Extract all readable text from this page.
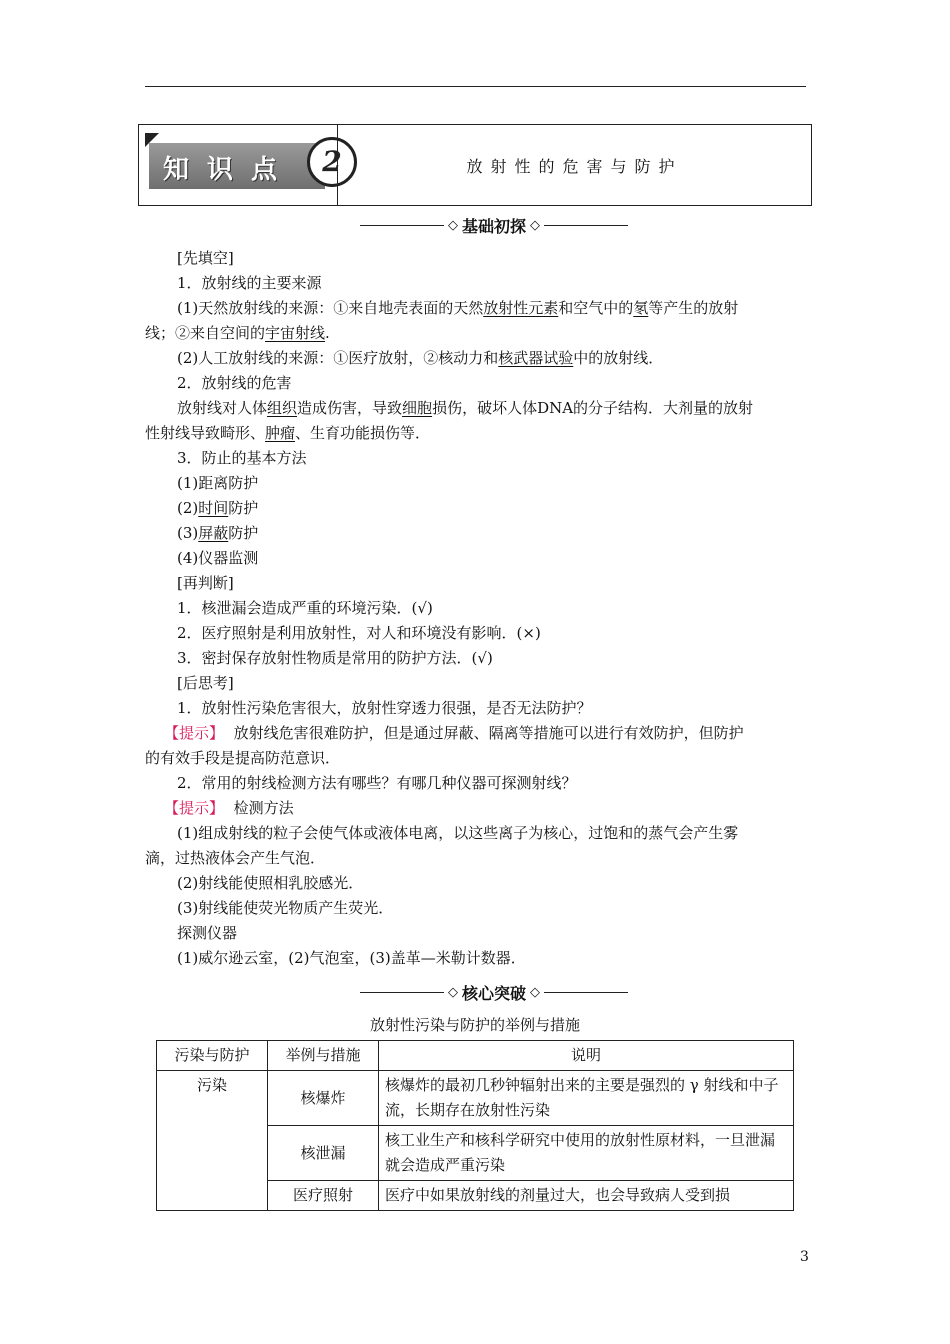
知识点 2	放射性的危害与防护
◇ 基础初探 ◇
[先填空]
1．放射线的主要来源
(1)天然放射线的来源：①来自地壳表面的天然放射性元素和空气中的氡等产生的放射
线；②来自空间的宇宙射线.
(2)人工放射线的来源：①医疗放射，②核动力和核武器试验中的放射线．
2．放射线的危害
放射线对人体组织造成伤害，导致细胞损伤，破坏人体DNA的分子结构．大剂量的放射
性射线导致畸形、肿瘤、生育功能损伤等．
3．防止的基本方法
(1)距离防护
(2)时间防护
(3)屏蔽防护
(4)仪器监测
[再判断]
1．核泄漏会造成严重的环境污染．(√)
2．医疗照射是利用放射性，对人和环境没有影响．(×)
3．密封保存放射性物质是常用的防护方法．(√)
[后思考]
1．放射性污染危害很大，放射性穿透力很强，是否无法防护？
【提示】 放射线危害很难防护，但是通过屏蔽、隔离等措施可以进行有效防护，但防护
的有效手段是提高防范意识．
2．常用的射线检测方法有哪些？有哪几种仪器可探测射线？
【提示】 检测方法
(1)组成射线的粒子会使气体或液体电离，以这些离子为核心，过饱和的蒸气会产生雾
滴，过热液体会产生气泡．
(2)射线能使照相乳胶感光．
(3)射线能使荧光物质产生荧光．
探测仪器
(1)威尔逊云室，(2)气泡室，(3)盖革—米勒计数器．
◇ 核心突破 ◇
放射性污染与防护的举例与措施
污染与防护	举例与措施	说明
污染	核爆炸	核爆炸的最初几秒钟辐射出来的主要是强烈的 γ 射线和中子流，长期存在放射性污染
	核泄漏	核工业生产和核科学研究中使用的放射性原材料，一旦泄漏就会造成严重污染
	医疗照射	医疗中如果放射线的剂量过大，也会导致病人受到损
3
